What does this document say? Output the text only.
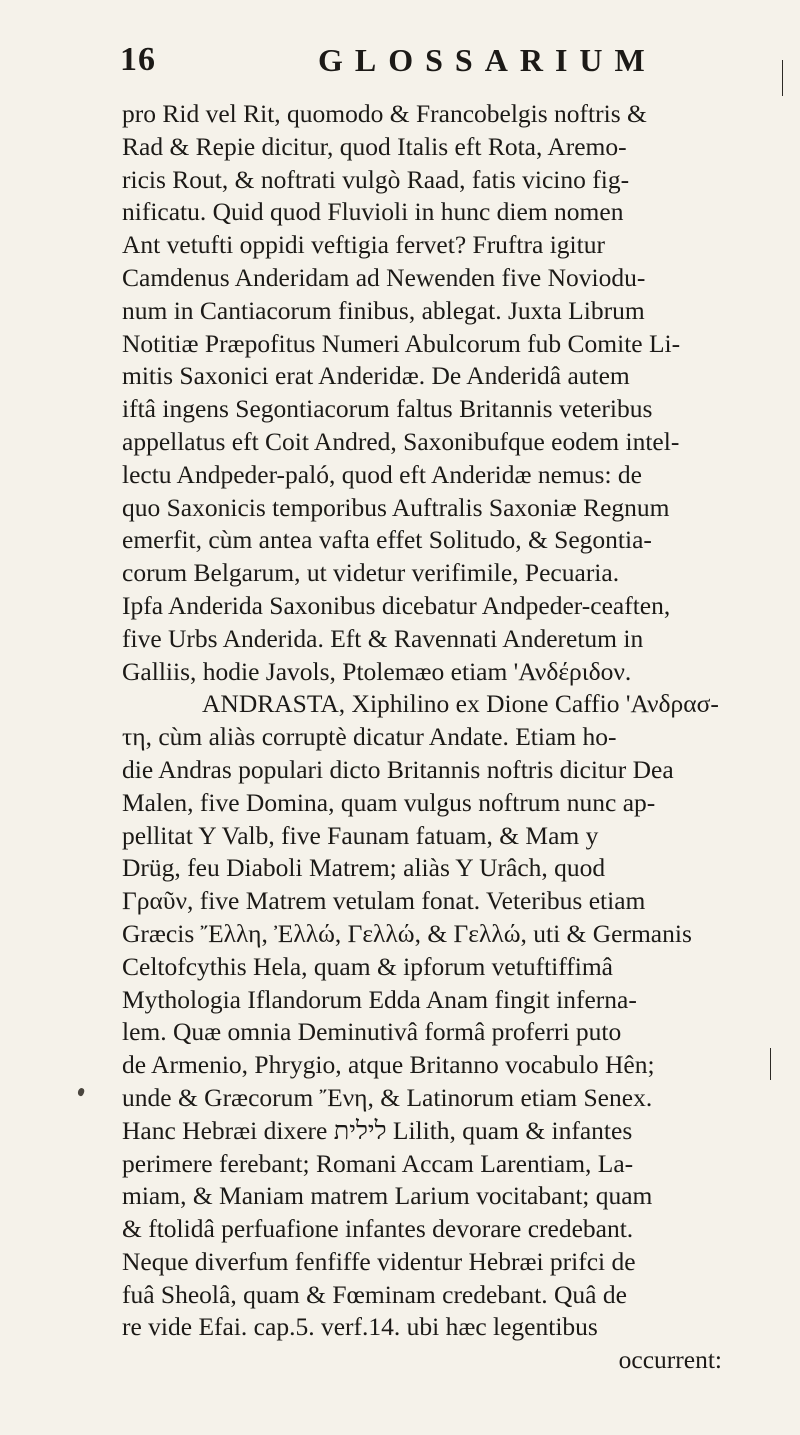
16	GLOSSARIUM
pro Rid vel Rit, quomodo & Francobelgis noftris &
Rad & Repie dicitur, quod Italis eft Rota, Aremo-
ricis Rout, & noftrati vulgò Raad, fatis vicino fig-
nificatu. Quid quod Fluvioli in hunc diem nomen
Ant vetufti oppidi veftigia fervet? Fruftra igitur
Camdenus Anderidam ad Newenden five Noviodu-
num in Cantiacorum finibus, ablegat. Juxta Librum
Notitiæ Præpofitus Numeri Abulcorum fub Comite Li-
mitis Saxonici erat Anderidæ. De Anderidâ autem
iftâ ingens Segontiacorum faltus Britannis veteribus
appellatus eft Coit Andred, Saxonibufque eodem intel-
lectu Andpeder-paló, quod eft Anderidæ nemus: de
quo Saxonicis temporibus Auftralis Saxoniæ Regnum
emerfit, cùm antea vafta effet Solitudo, & Segontia-
corum Belgarum, ut videtur verifimile, Pecuaria.
Ipfa Anderida Saxonibus dicebatur Andpeder-ceaften,
five Urbs Anderida. Eft & Ravennati Anderetum in
Galliis, hodie Javols, Ptolemæo etiam 'Ανδέριδον.
ANDRASTA, Xiphilino ex Dione Caffio 'Ανδρασ-
τη, cùm aliàs corruptè dicatur Andate. Etiam ho-
die Andras populari dicto Britannis noftris dicitur Dea
Malen, five Domina, quam vulgus noftrum nunc ap-
pellitat Y Valb, five Faunam fatuam, & Mam y
Drüg, feu Diaboli Matrem; aliàs Y Urâch, quod
Γραῦν, five Matrem vetulam fonat. Veteribus etiam
Græcis Ἔλλη, Ἐλλώ, Γελλώ, & Γελλώ, uti & Germanis
Celtofcythis Hela, quam & ipforum vetuftiffimâ
Mythologia Iflandorum Edda Anam fingit inferna-
lem. Quæ omnia Deminutivâ formâ proferri puto
de Armenio, Phrygio, atque Britanno vocabulo Hên;
unde & Græcorum Ἔνη, & Latinorum etiam Senex.
Hanc Hebræi dixere לילית Lilith, quam & infantes
perimere ferebant; Romani Accam Larentiam, La-
miam, & Maniam matrem Larium vocitabant; quam
& ftolidâ perfuafione infantes devorare credebant.
Neque diverfum fenfiffe videntur Hebræi prifci de
fuâ Sheolâ, quam & Fœminam credebant. Quâ de
re vide Efai. cap.5. verf.14. ubi hæc legentibus
occurrent:
